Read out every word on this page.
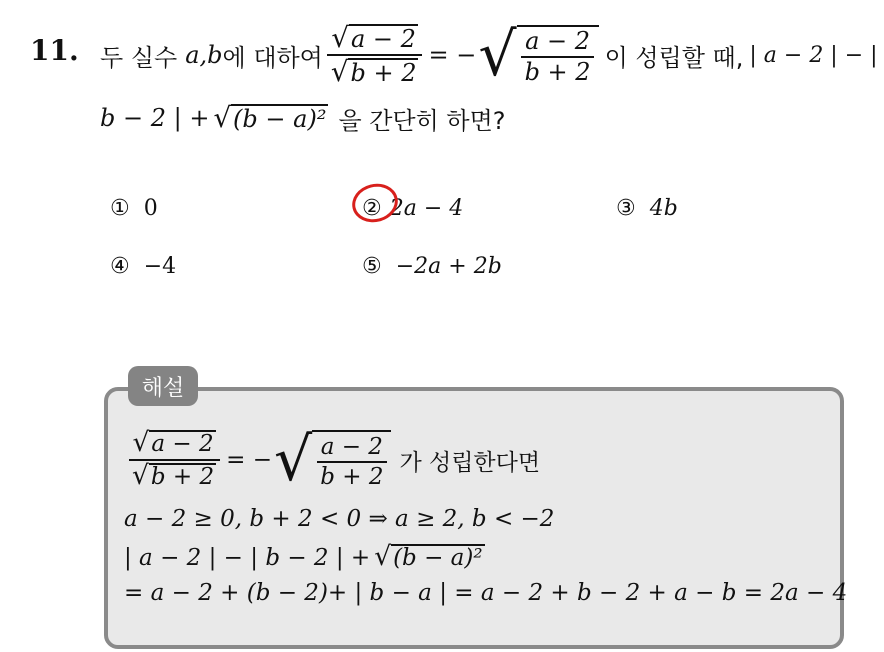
11. 두 실수 a,b 에 대하여 $\frac{√ a - 2}{√ b + 2}$ = − √ $\frac{a - 2}{b + 2}$ 이 성립할 때, | a − 2 | − |
b − 2 | + √ (b − a)² 을 간단히 하면?
① 0	② 2a − 4	③ 4b
④ −4	⑤ −2a + 2b
해설
$\frac{√ a - 2}{√ b + 2}$ = − √ $\frac{a - 2}{b + 2}$ 가 성립한다면
a − 2 ≥ 0, b + 2 < 0 ⇒ a ≥ 2, b < −2
| a − 2 | − | b − 2 | + √ (b − a)²
= a − 2 + (b − 2)+ | b − a | = a − 2 + b − 2 + a − b = 2a − 4
